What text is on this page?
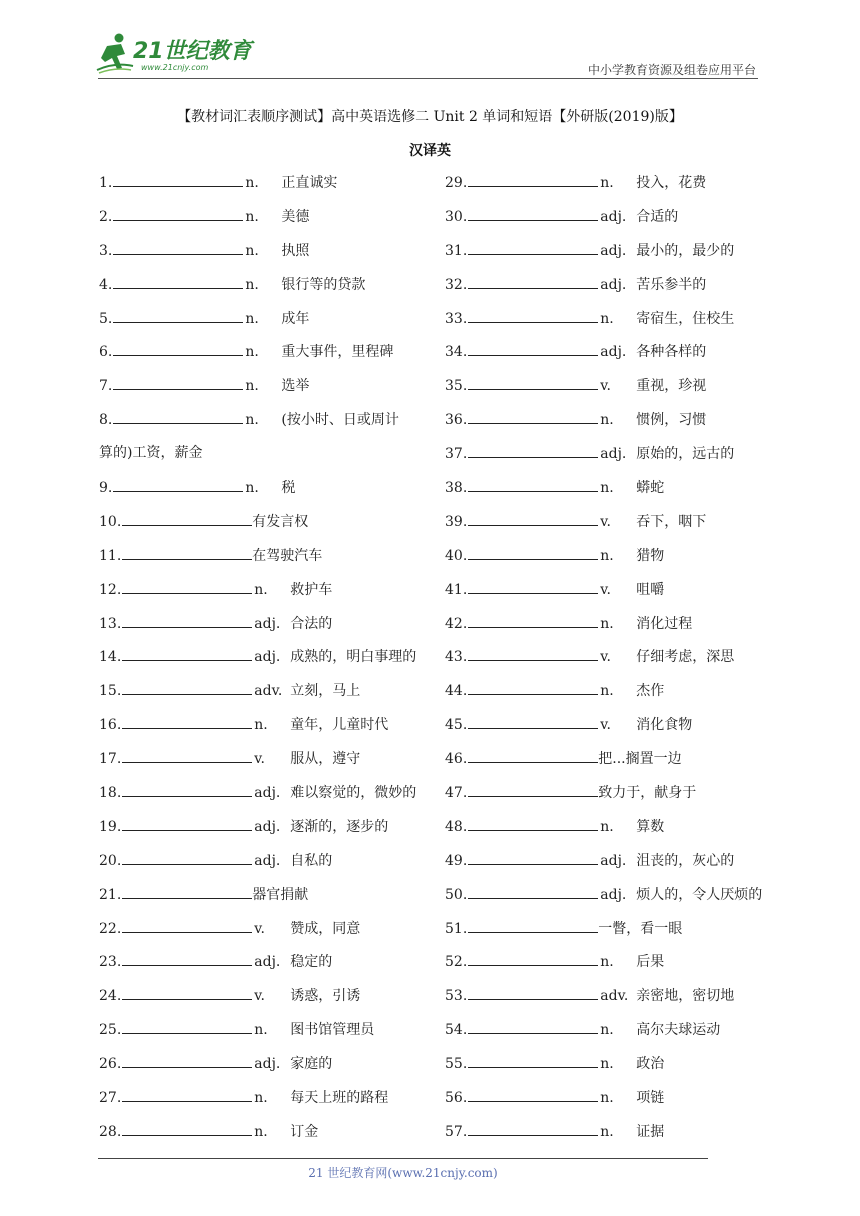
21世纪教育
www.21cnjy.com	中小学教育资源及组卷应用平台
【教材词汇表顺序测试】高中英语选修二 Unit 2 单词和短语【外研版(2019)版】
汉译英
1.	n. 正直诚实
2.	n. 美德
3.	n. 执照
4.	n. 银行等的贷款
5.	n. 成年
6.	n. 重大事件，里程碑
7.	n. 选举
8.	n. (按小时、日或周计
算的)工资，薪金
9.	n. 税
10.	有发言权
11.	在驾驶汽车
12.	n. 救护车
13.	adj. 合法的
14.	adj. 成熟的，明白事理的
15.	adv. 立刻，马上
16.	n. 童年，儿童时代
17.	v. 服从，遵守
18.	adj. 难以察觉的，微妙的
19.	adj. 逐渐的，逐步的
20.	adj. 自私的
21.	器官捐献
22.	v. 赞成，同意
23.	adj. 稳定的
24.	v. 诱惑，引诱
25.	n. 图书馆管理员
26.	adj. 家庭的
27.	n. 每天上班的路程
28.	n. 订金
29.	n. 投入，花费
30.	adj. 合适的
31.	adj. 最小的，最少的
32.	adj. 苦乐参半的
33.	n. 寄宿生，住校生
34.	adj. 各种各样的
35.	v. 重视，珍视
36.	n. 惯例，习惯
37.	adj. 原始的，远古的
38.	n. 蟒蛇
39.	v. 吞下，咽下
40.	n. 猎物
41.	v. 咀嚼
42.	n. 消化过程
43.	v. 仔细考虑，深思
44.	n. 杰作
45.	v. 消化食物
46.	把...搁置一边
47.	致力于，献身于
48.	n. 算数
49.	adj. 沮丧的，灰心的
50.	adj. 烦人的，令人厌烦的
51.	一瞥，看一眼
52.	n. 后果
53.	adv. 亲密地，密切地
54.	n. 高尔夫球运动
55.	n. 政治
56.	n. 项链
57.	n. 证据
21 世纪教育网(www.21cnjy.com)
